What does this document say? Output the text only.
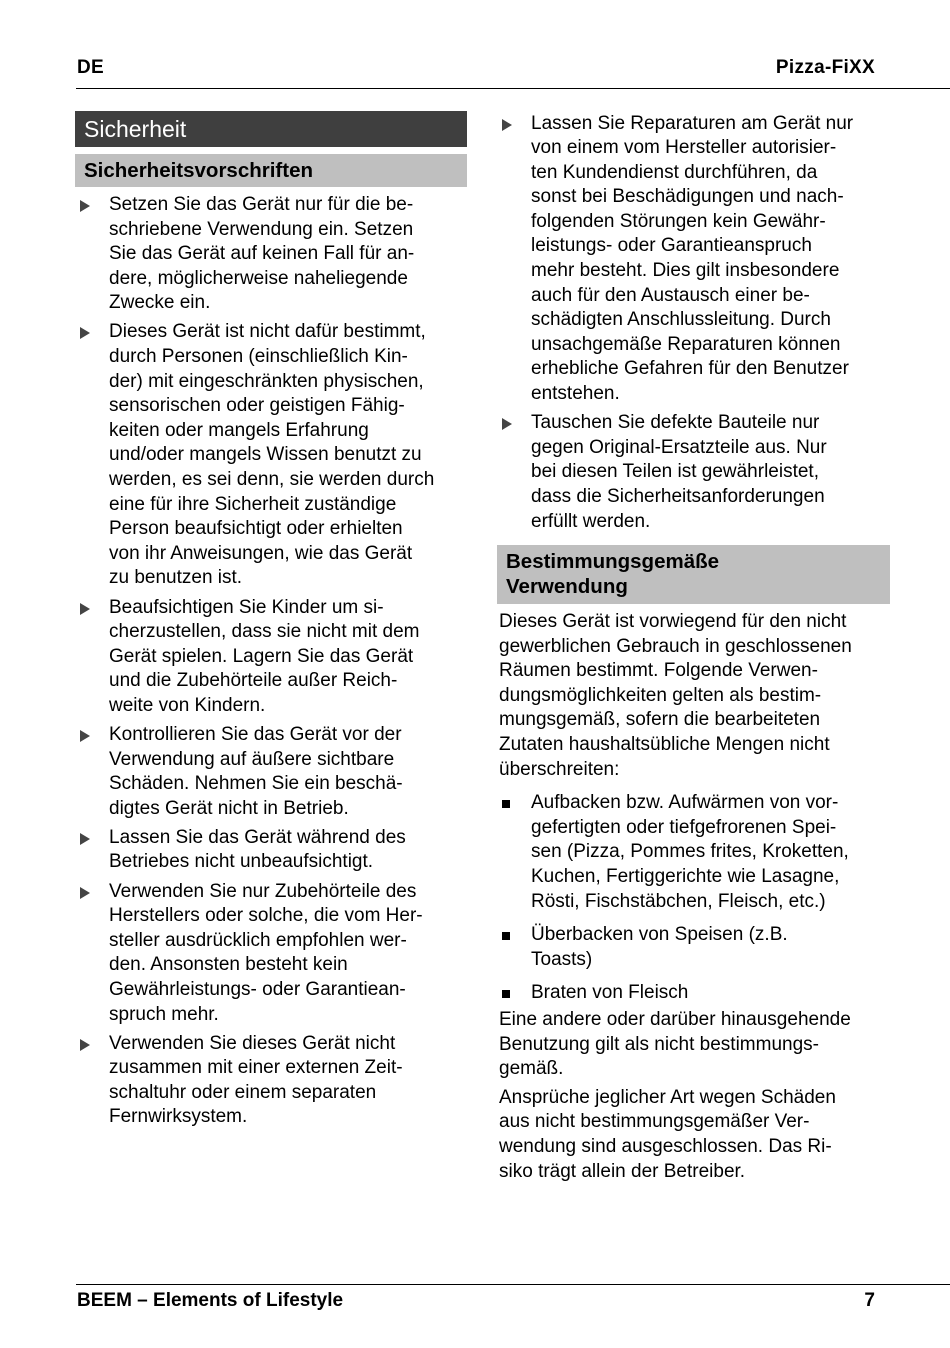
DE	Pizza-FiXX
Sicherheit
Sicherheitsvorschriften
Setzen Sie das Gerät nur für die be-
schriebene Verwendung ein. Setzen
Sie das Gerät auf keinen Fall für an-
dere, möglicherweise naheliegende
Zwecke ein.
Dieses Gerät ist nicht dafür bestimmt,
durch Personen (einschließlich Kin-
der) mit eingeschränkten physischen,
sensorischen oder geistigen Fähig-
keiten oder mangels Erfahrung
und/oder mangels Wissen benutzt zu
werden, es sei denn, sie werden durch
eine für ihre Sicherheit zuständige
Person beaufsichtigt oder erhielten
von ihr Anweisungen, wie das Gerät
zu benutzen ist.
Beaufsichtigen Sie Kinder um si-
cherzustellen, dass sie nicht mit dem
Gerät spielen. Lagern Sie das Gerät
und die Zubehörteile außer Reich-
weite von Kindern.
Kontrollieren Sie das Gerät vor der
Verwendung auf äußere sichtbare
Schäden. Nehmen Sie ein beschä-
digtes Gerät nicht in Betrieb.
Lassen Sie das Gerät während des
Betriebes nicht unbeaufsichtigt.
Verwenden Sie nur Zubehörteile des
Herstellers oder solche, die vom Her-
steller ausdrücklich empfohlen wer-
den. Ansonsten besteht kein
Gewährleistungs- oder Garantiean-
spruch mehr.
Verwenden Sie dieses Gerät nicht
zusammen mit einer externen Zeit-
schaltuhr oder einem separaten
Fernwirksystem.
Lassen Sie Reparaturen am Gerät nur
von einem vom Hersteller autorisier-
ten Kundendienst durchführen, da
sonst bei Beschädigungen und nach-
folgenden Störungen kein Gewähr-
leistungs- oder Garantieanspruch
mehr besteht. Dies gilt insbesondere
auch für den Austausch einer be-
schädigten Anschlussleitung. Durch
unsachgemäße Reparaturen können
erhebliche Gefahren für den Benutzer
entstehen.
Tauschen Sie defekte Bauteile nur
gegen Original-Ersatzteile aus. Nur
bei diesen Teilen ist gewährleistet,
dass die Sicherheitsanforderungen
erfüllt werden.
Bestimmungsgemäße
Verwendung

Dieses Gerät ist vorwiegend für den nicht
gewerblichen Gebrauch in geschlossenen
Räumen bestimmt. Folgende Verwen-
dungsmöglichkeiten gelten als bestim-
mungsgemäß, sofern die bearbeiteten
Zutaten haushaltsübliche Mengen nicht
überschreiten:

Aufbacken bzw. Aufwärmen von vor-
gefertigten oder tiefgefrorenen Spei-
sen (Pizza, Pommes frites, Kroketten,
Kuchen, Fertiggerichte wie Lasagne,
Rösti, Fischstäbchen, Fleisch, etc.)
Überbacken von Speisen (z.B.
Toasts)
Braten von Fleisch

Eine andere oder darüber hinausgehende
Benutzung gilt als nicht bestimmungs-
gemäß.

Ansprüche jeglicher Art wegen Schäden
aus nicht bestimmungsgemäßer Ver-
wendung sind ausgeschlossen. Das Ri-
siko trägt allein der Betreiber.

BEEM – Elements of Lifestyle	7
